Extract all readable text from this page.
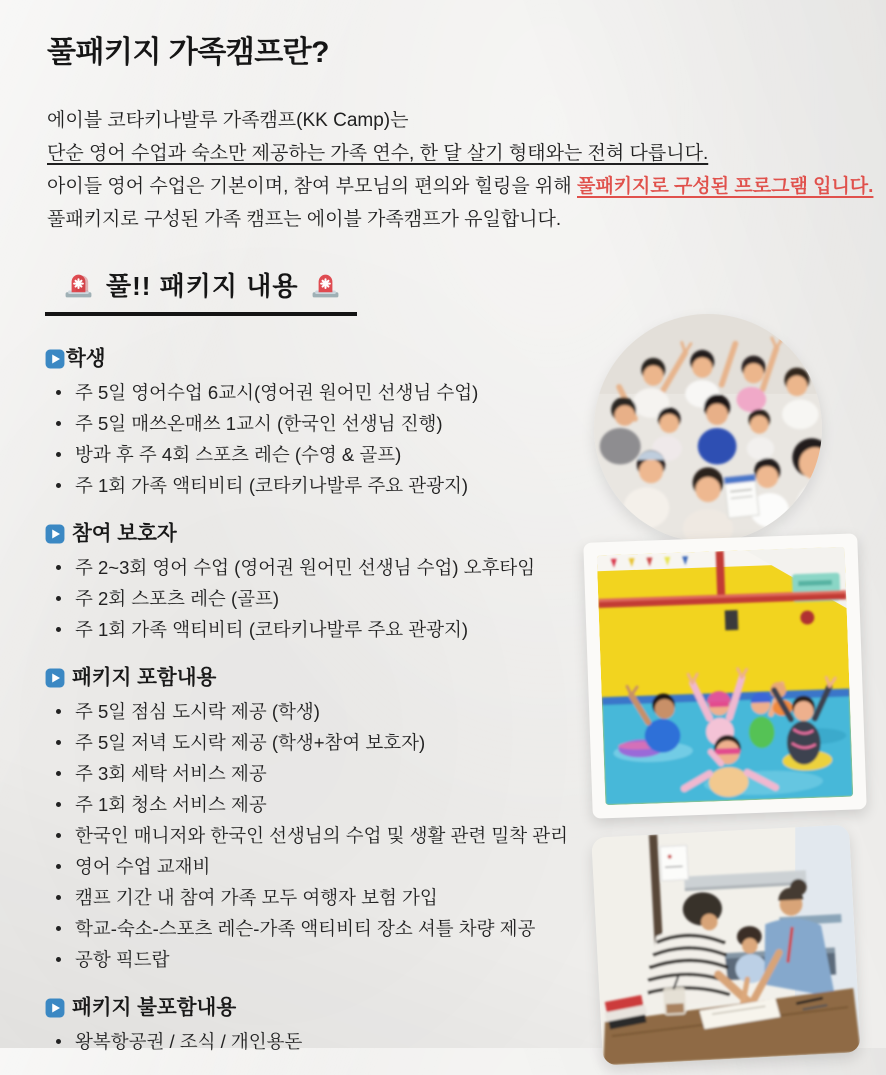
풀패키지 가족캠프란?

에이블 코타키나발루 가족캠프(KK Camp)는

단순 영어 수업과 숙소만 제공하는 가족 연수, 한 달 살기 형태와는 전혀 다릅니다.

아이들 영어 수업은 기본이며, 참여 부모님의 편의와 힐링을 위해 풀패키지로 구성된 프로그램 입니다.

풀패키지로 구성된 가족 캠프는 에이블 가족캠프가 유일합니다.

풀!! 패키지 내용
학생
주 5일 영어수업 6교시(영어권 원어민 선생님 수업)
주 5일 매쓰온매쓰 1교시 (한국인 선생님 진행)
방과 후 주 4회 스포츠 레슨 (수영 & 골프)
주 1회 가족 액티비티 (코타키나발루 주요 관광지)
참여 보호자
주 2~3회 영어 수업 (영어권 원어민 선생님 수업) 오후타임
주 2회 스포츠 레슨 (골프)
주 1회 가족 액티비티 (코타키나발루 주요 관광지)
패키지 포함내용
주 5일 점심 도시락 제공 (학생)
주 5일 저녁 도시락 제공 (학생+참여 보호자)
주 3회 세탁 서비스 제공
주 1회 청소 서비스 제공
한국인 매니저와 한국인 선생님의 수업 및 생활 관련 밀착 관리
영어 수업 교재비
캠프 기간 내 참여 가족 모두 여행자 보험 가입
학교-숙소-스포츠 레슨-가족 액티비티 장소 셔틀 차량 제공
공항 픽드랍
패키지 불포함내용
왕복항공권 / 조식 / 개인용돈
